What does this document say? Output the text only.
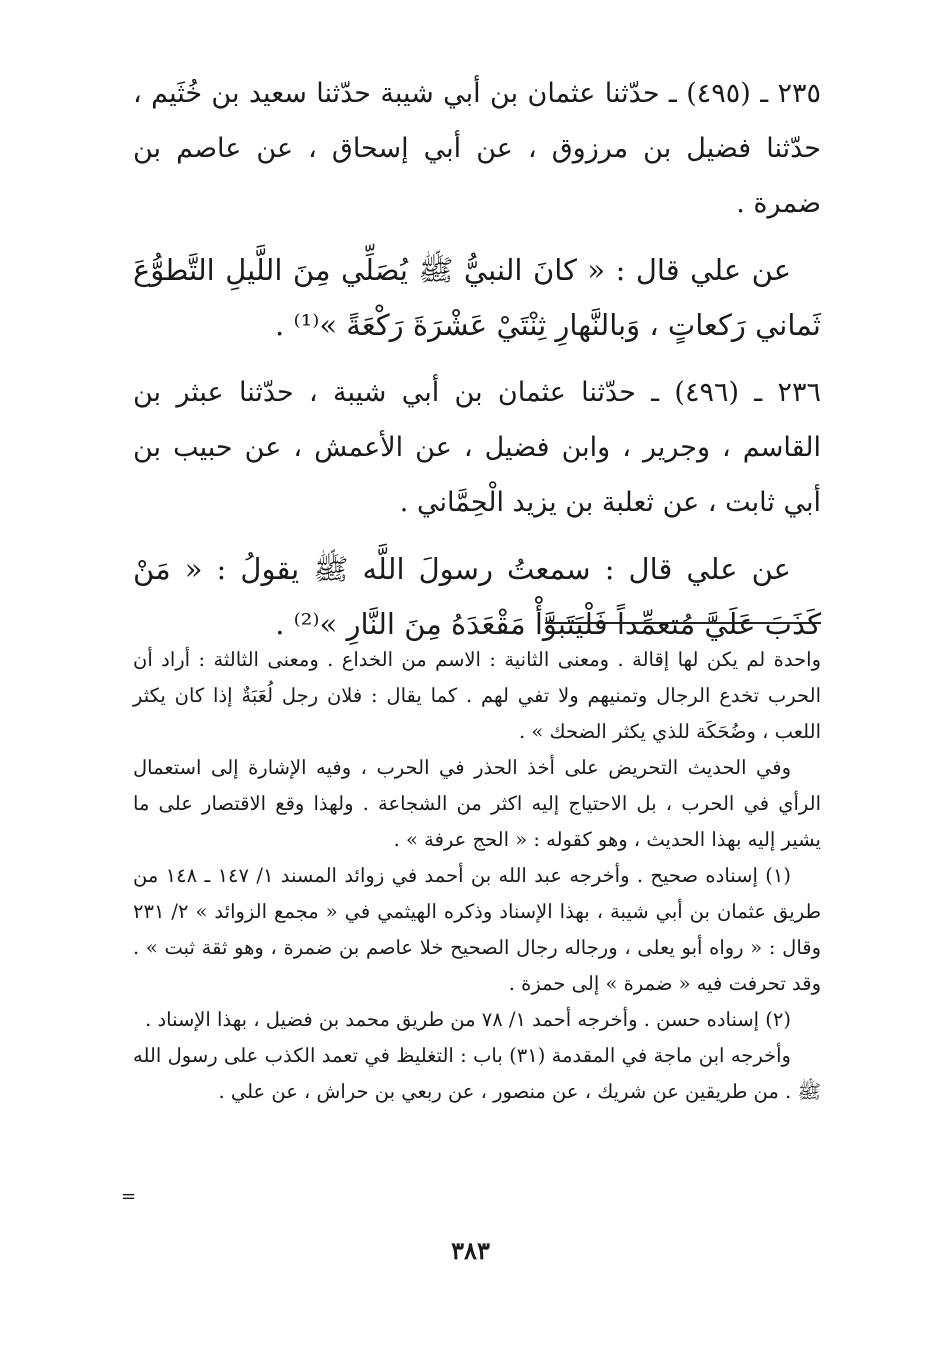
٢٣٥ ـ (٤٩٥) ـ حدّثنا عثمان بن أبي شيبة حدّثنا سعيد بن خُثَيم ، حدّثنا فضيل بن مرزوق ، عن أبي إسحاق ، عن عاصم بن ضمرة .

عن علي قال : « كانَ النبيُّ ﷺ يُصَلِّي مِنَ اللَّيلِ التَّطوُّعَ ثَماني رَكعاتٍ ، وَبالنَّهارِ ثِنْتَيْ عَشْرَةَ رَكْعَةً »⁽¹⁾ .

٢٣٦ ـ (٤٩٦) ـ حدّثنا عثمان بن أبي شيبة ، حدّثنا عبثر بن القاسم ، وجرير ، وابن فضيل ، عن الأعمش ، عن حبيب بن أبي ثابت ، عن ثعلبة بن يزيد الْحِمَّاني .

عن علي قال : سمعتُ رسولَ اللَّه ﷺ يقولُ : « مَنْ كَذَبَ عَلَيَّ مُتعمِّداً فَلْيَتَبوَّأْ مَقْعَدَهُ مِنَ النَّارِ »⁽²⁾ .

واحدة لم يكن لها إقالة . ومعنى الثانية : الاسم من الخداع . ومعنى الثالثة : أراد أن الحرب تخدع الرجال وتمنيهم ولا تفي لهم . كما يقال : فلان رجل لُعَبَةٌ إذا كان يكثر اللعب ، وضُحَكَة للذي يكثر الضحك » .

وفي الحديث التحريض على أخذ الحذر في الحرب ، وفيه الإشارة إلى استعمال الرأي في الحرب ، بل الاحتياج إليه اكثر من الشجاعة . ولهذا وقع الاقتصار على ما يشير إليه بهذا الحديث ، وهو كقوله : « الحج عرفة » .

(١) إسناده صحيح . وأخرجه عبد الله بن أحمد في زوائد المسند ١/ ١٤٧ ـ ١٤٨ من طريق عثمان بن أبي شيبة ، بهذا الإسناد وذكره الهيثمي في « مجمع الزوائد » ٢/ ٢٣١ وقال : « رواه أبو يعلى ، ورجاله رجال الصحيح خلا عاصم بن ضمرة ، وهو ثقة ثبت » . وقد تحرفت فيه « ضمرة » إلى حمزة .

(٢) إسناده حسن . وأخرجه أحمد ١/ ٧٨ من طريق محمد بن فضيل ، بهذا الإسناد .

وأخرجه ابن ماجة في المقدمة (٣١) باب : التغليظ في تعمد الكذب على رسول الله ﷺ . من طريقين عن شريك ، عن منصور ، عن ربعي بن حراش ، عن علي .

=
٣٨٣
